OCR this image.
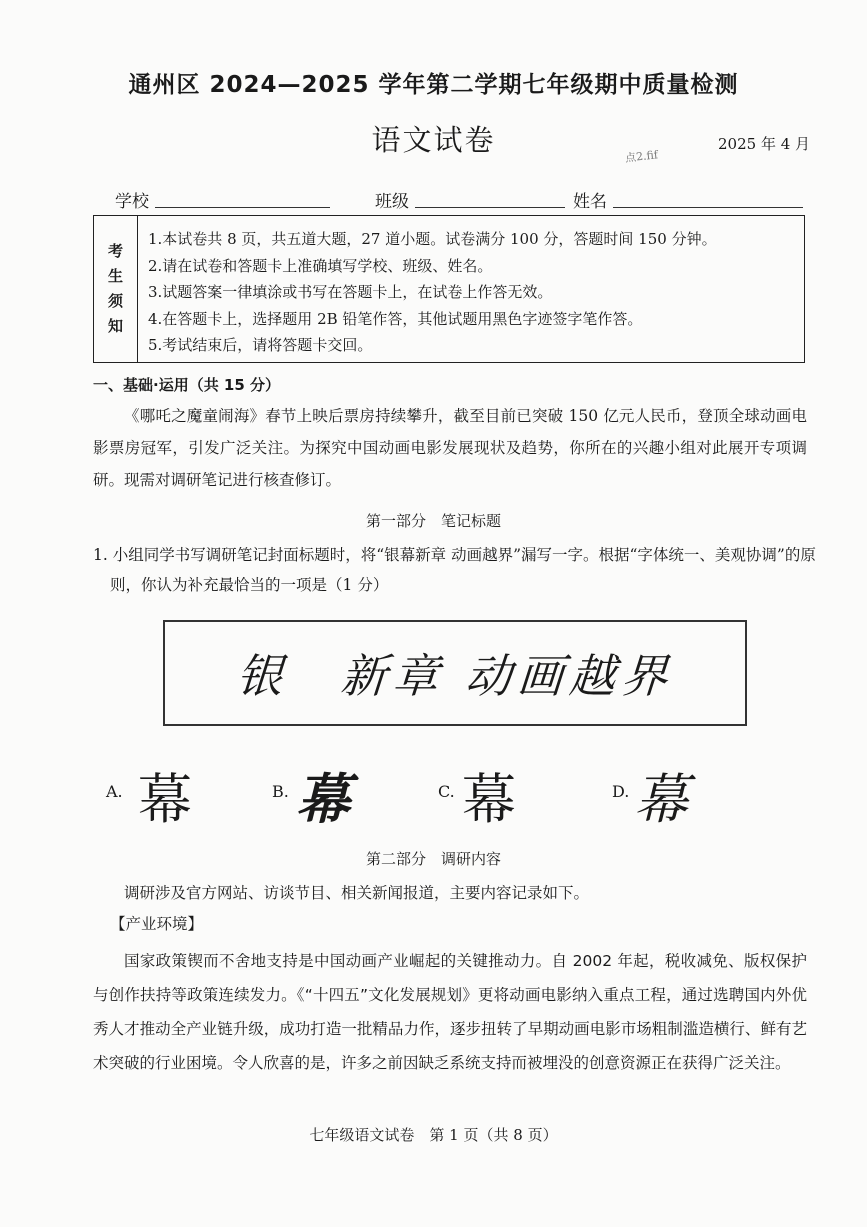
通州区 2024—2025 学年第二学期七年级期中质量检测
语文试卷	2025 年 4 月
点2.fif
学校	班级	姓名
考
生
须
知
1.本试卷共 8 页，共五道大题，27 道小题。试卷满分 100 分，答题时间 150 分钟。
2.请在试卷和答题卡上准确填写学校、班级、姓名。
3.试题答案一律填涂或书写在答题卡上，在试卷上作答无效。
4.在答题卡上，选择题用 2B 铅笔作答，其他试题用黑色字迹签字笔作答。
5.考试结束后，请将答题卡交回。
一、基础·运用（共 15 分）
《哪吒之魔童闹海》春节上映后票房持续攀升，截至目前已突破 150 亿元人民币，登顶全球动画电影票房冠军，引发广泛关注。为探究中国动画电影发展现状及趋势，你所在的兴趣小组对此展开专项调研。现需对调研笔记进行核查修订。
第一部分　笔记标题
1. 小组同学书写调研笔记封面标题时，将“银幕新章 动画越界”漏写一字。根据“字体统一、美观协调”的原则，你认为补充最恰当的一项是（1 分）
银　新章 动画越界
A. 幕	B. 幕	C. 幕	D. 幕
第二部分　调研内容
调研涉及官方网站、访谈节目、相关新闻报道，主要内容记录如下。
【产业环境】
国家政策锲而不舍地支持是中国动画产业崛起的关键推动力。自 2002 年起，税收减免、版权保护与创作扶持等政策连续发力。《“十四五”文化发展规划》更将动画电影纳入重点工程，通过选聘国内外优秀人才推动全产业链升级，成功打造一批精品力作，逐步扭转了早期动画电影市场粗制滥造横行、鲜有艺术突破的行业困境。令人欣喜的是，许多之前因缺乏系统支持而被埋没的创意资源正在获得广泛关注。
七年级语文试卷　第 1 页（共 8 页）
